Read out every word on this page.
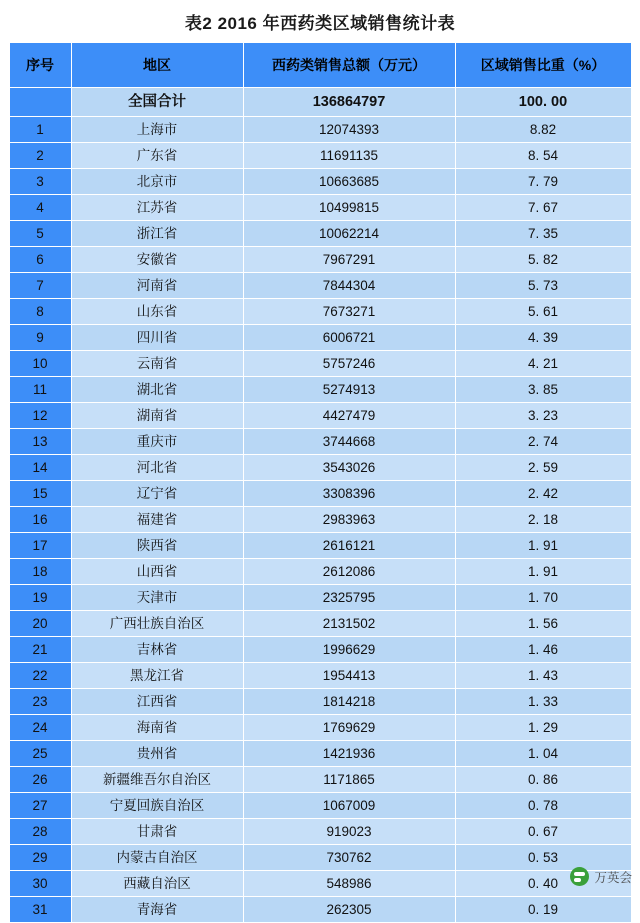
表2 2016 年西药类区域销售统计表
序号	地区	西药类销售总额（万元）	区域销售比重（%）
	全国合计	136864797	100. 00
1	上海市	12074393	8.82
2	广东省	11691135	8. 54
3	北京市	10663685	7. 79
4	江苏省	10499815	7. 67
5	浙江省	10062214	7. 35
6	安徽省	7967291	5. 82
7	河南省	7844304	5. 73
8	山东省	7673271	5. 61
9	四川省	6006721	4. 39
10	云南省	5757246	4. 21
11	湖北省	5274913	3. 85
12	湖南省	4427479	3. 23
13	重庆市	3744668	2. 74
14	河北省	3543026	2. 59
15	辽宁省	3308396	2. 42
16	福建省	2983963	2. 18
17	陕西省	2616121	1. 91
18	山西省	2612086	1. 91
19	天津市	2325795	1. 70
20	广西壮族自治区	2131502	1. 56
21	吉林省	1996629	1. 46
22	黑龙江省	1954413	1. 43
23	江西省	1814218	1. 33
24	海南省	1769629	1. 29
25	贵州省	1421936	1. 04
26	新疆维吾尔自治区	1171865	0. 86
27	宁夏回族自治区	1067009	0. 78
28	甘肃省	919023	0. 67
29	内蒙古自治区	730762	0. 53
30	西藏自治区	548986	0. 40
31	青海省	262305	0. 19
万英会
